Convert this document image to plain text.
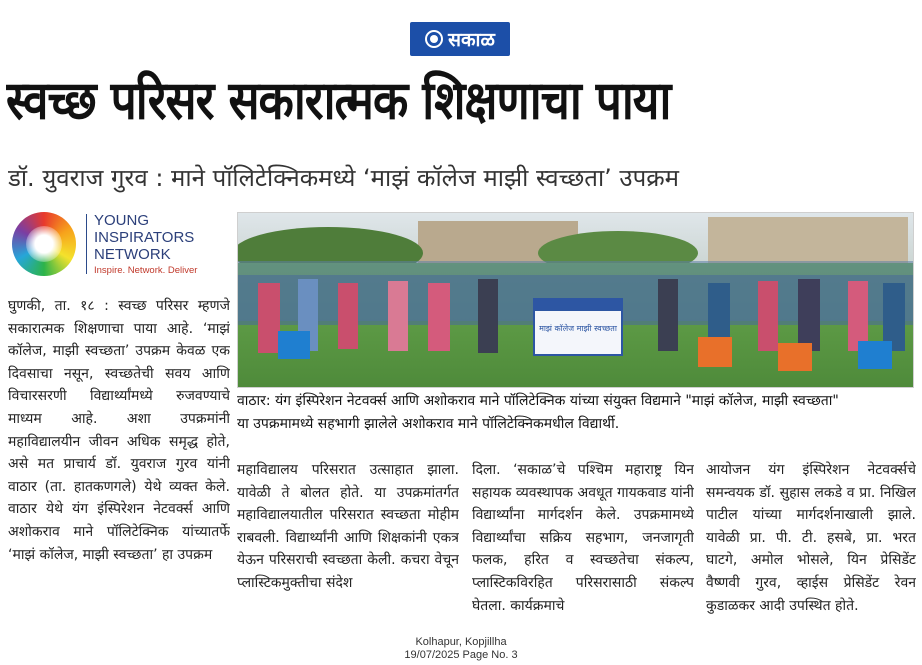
सकाळ
स्वच्छ परिसर सकारात्मक शिक्षणाचा पाया
डॉ. युवराज गुरव : माने पॉलिटेक्निकमध्ये ‘माझं कॉलेज माझी स्वच्छता’ उपक्रम
YOUNG
INSPIRATORS
NETWORK
Inspire. Network. Deliver
घुणकी, ता. १८ : स्वच्छ परिसर म्हणजे सकारात्मक शिक्षणाचा पाया आहे. ‘माझं कॉलेज, माझी स्वच्छता’ उपक्रम केवळ एक दिवसाचा नसून, स्वच्छतेची सवय आणि विचारसरणी विद्यार्थ्यांमध्ये रुजवण्याचे माध्यम आहे. अशा उपक्रमांनी महाविद्यालयीन जीवन अधिक समृद्ध होते, असे मत प्राचार्य डॉ. युवराज गुरव यांनी वाठार (ता. हातकणगले) येथे व्यक्त केले. वाठार येथे यंग इंस्पिरेशन नेटवर्क्स आणि अशोकराव माने पॉलिटेक्निक यांच्यातर्फे ‘माझं कॉलेज, माझी स्वच्छता’ हा उपक्रम
माझं कॉलेज माझी स्वच्छता
वाठार: यंग इंस्पिरेशन नेटवर्क्स आणि अशोकराव माने पॉलिटेक्निक यांच्या संयुक्त विद्यमाने "माझं कॉलेज, माझी स्वच्छता"
या उपक्रमामध्ये सहभागी झालेले अशोकराव माने पॉलिटेक्निकमधील विद्यार्थी.
महाविद्यालय परिसरात उत्साहात झाला. यावेळी ते बोलत होते. या उपक्रमांतर्गत महाविद्यालयातील परिसरात स्वच्छता मोहीम राबवली. विद्यार्थ्यांनी आणि शिक्षकांनी एकत्र येऊन परिसराची स्वच्छता केली. कचरा वेचून प्लास्टिकमुक्तीचा संदेश
दिला. ‘सकाळ’चे पश्चिम महाराष्ट्र यिन सहायक व्यवस्थापक अवधूत गायकवाड यांनी विद्यार्थ्यांना मार्गदर्शन केले. उपक्रमामध्ये विद्यार्थ्यांचा सक्रिय सहभाग, जनजागृती फलक, हरित व स्वच्छतेचा संकल्प, प्लास्टिकविरहित परिसरासाठी संकल्प घेतला. कार्यक्रमाचे
आयोजन यंग इंस्पिरेशन नेटवर्क्सचे समन्वयक डॉ. सुहास लकडे व प्रा. निखिल पाटील यांच्या मार्गदर्शनाखाली झाले. यावेळी प्रा. पी. टी. हसबे, प्रा. भरत घाटगे, अमोल भोसले, यिन प्रेसिडेंट वैष्णवी गुरव, व्हाईस प्रेसिडेंट रेवन कुडाळकर आदी उपस्थित होते.
Kolhapur, Kopjillha
19/07/2025 Page No. 3
